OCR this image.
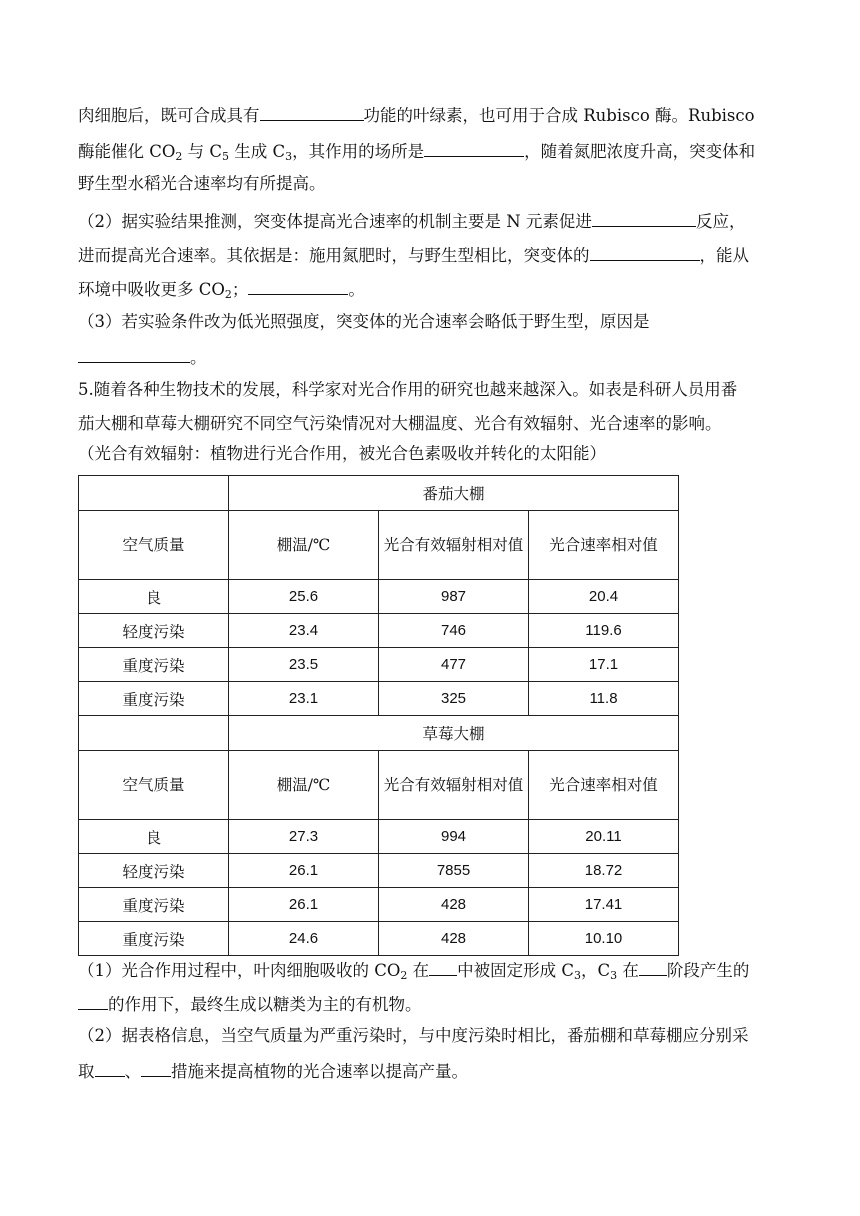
肉细胞后，既可合成具有	功能的叶绿素，也可用于合成 Rubisco 酶。Rubisco
酶能催化 $CO_2$ 与 $C_5$ 生成 $C_3$，其作用的场所是	，随着氮肥浓度升高，突变体和
野生型水稻光合速率均有所提高。
（2）据实验结果推测，突变体提高光合速率的机制主要是 N 元素促进	反应，
进而提高光合速率。其依据是：施用氮肥时，与野生型相比，突变体的	，能从
环境中吸收更多 $CO_2$；	。
（3）若实验条件改为低光照强度，突变体的光合速率会略低于野生型，原因是
。
5.随着各种生物技术的发展，科学家对光合作用的研究也越来越深入。如表是科研人员用番
茄大棚和草莓大棚研究不同空气污染情况对大棚温度、光合有效辐射、光合速率的影响。
（光合有效辐射：植物进行光合作用，被光合色素吸收并转化的太阳能）
	番茄大棚		
空气质量	棚温/℃	光合有效辐射相对值	光合速率相对值
良	25.6	987	20.4
轻度污染	23.4	746	119.6
重度污染	23.5	477	17.1
重度污染	23.1	325	11.8
	草莓大棚		
空气质量	棚温/℃	光合有效辐射相对值	光合速率相对值
良	27.3	994	20.11
轻度污染	26.1	7855	18.72
重度污染	26.1	428	17.41
重度污染	24.6	428	10.10
（1）光合作用过程中，叶肉细胞吸收的 $CO_2$ 在 中被固定形成 $C_3$，$C_3$ 在 阶段产生的
的作用下，最终生成以糖类为主的有机物。
（2）据表格信息，当空气质量为严重污染时，与中度污染时相比，番茄棚和草莓棚应分别采
取 、 措施来提高植物的光合速率以提高产量。
